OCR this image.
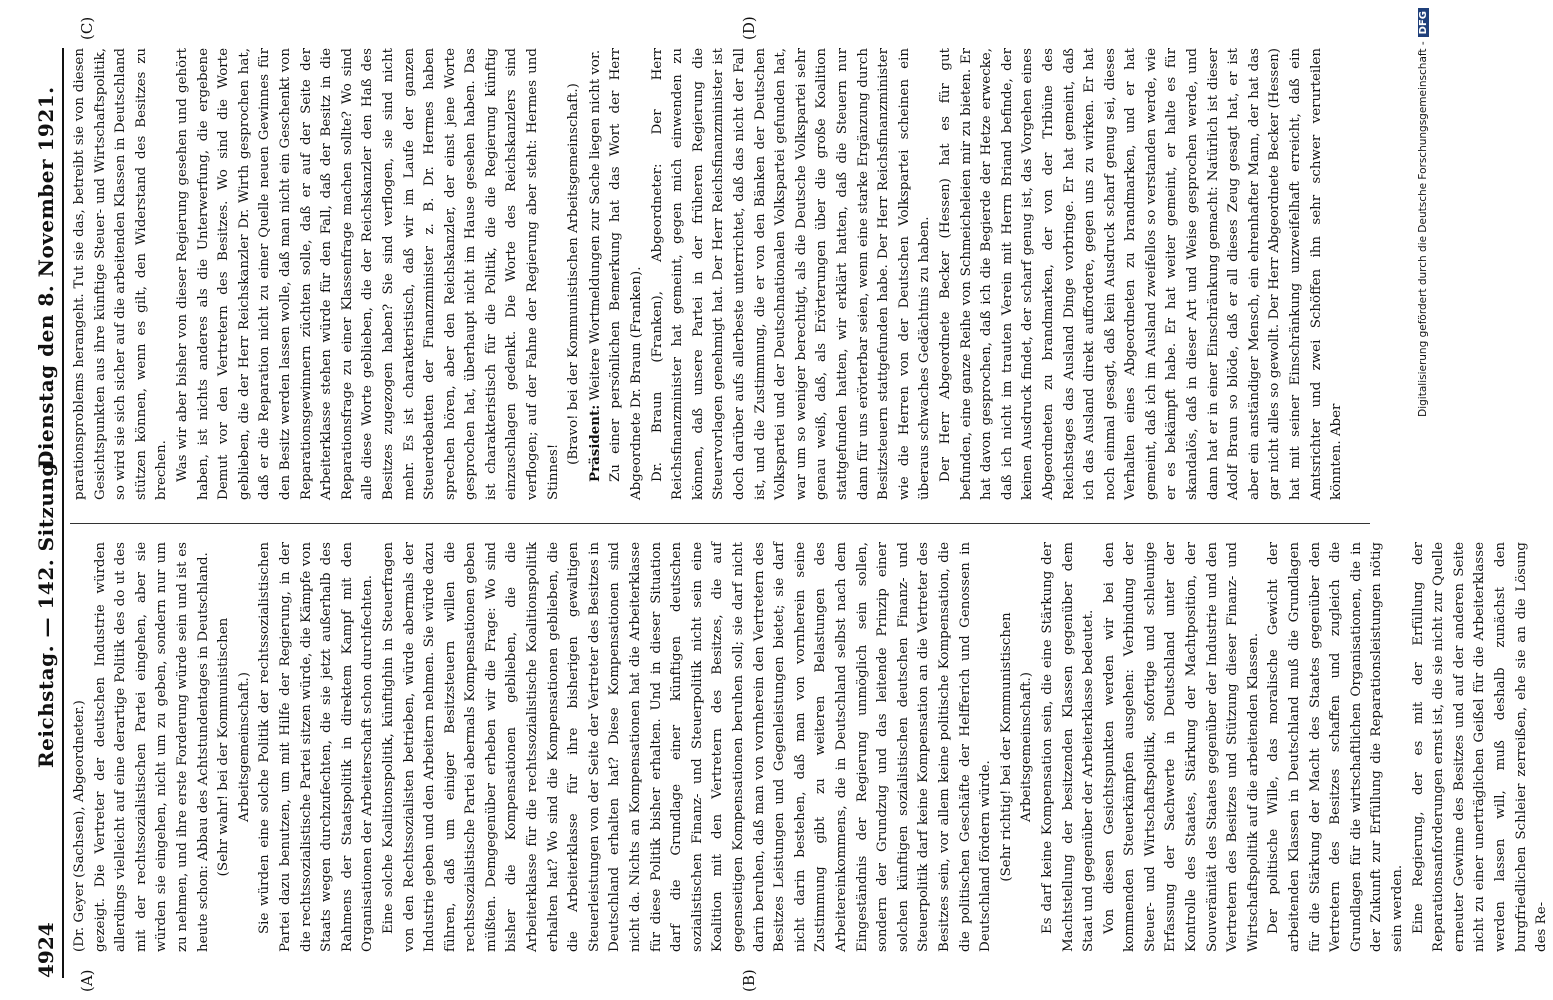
4924
Reichstag. — 142. Sitzung.
Dienstag den 8. November 1921.
(A)	(B)
(C)	(D)

(Dr. Geyer (Sachsen), Abgeordneter.) gezeigt. Die Vertreter der deutschen Industrie würden allerdings vielleicht auf eine derartige Politik des do ut des mit der rechtssozialistischen Partei eingehen, aber sie würden sie eingehen, nicht um zu geben, sondern nur um zu nehmen, und ihre erste Forderung würde sein und ist es heute schon: Abbau des Achtstundentages in Deutschland. (Sehr wahr! bei der Kommunistischen Arbeitsgemeinschaft.) Sie würden eine solche Politik der rechtssozialistischen Partei dazu benutzen, um mit Hilfe der Regierung, in der die rechtssozialistische Partei sitzen würde, die Kämpfe von Staats wegen durchzufechten, die sie jetzt außerhalb des Rahmens der Staatspolitik in direktem Kampf mit den Organisationen der Arbeiterschaft schon durchfechten. Eine solche Koalitionspolitik, künftighin in Steuerfragen von den Rechtssozialisten betrieben, würde abermals der Industrie geben und den Arbeitern nehmen. Sie würde dazu führen, daß um einiger Besitzsteuern willen die rechtssozialistische Partei abermals Kompensationen geben müßten. Demgegenüber erheben wir die Frage: Wo sind bisher die Kompensationen geblieben, die die Arbeiterklasse für die rechtssozialistische Koalitionspolitik erhalten hat? Wo sind die Kompensationen geblieben, die die Arbeiterklasse für ihre bisherigen gewaltigen Steuerleistungen von der Seite der Vertreter des Besitzes in Deutschland erhalten hat? Diese Kompensationen sind nicht da. Nichts an Kompensationen hat die Arbeiterklasse für diese Politik bisher erhalten. Und in dieser Situation darf die Grundlage einer künftigen deutschen sozialistischen Finanz- und Steuerpolitik nicht sein eine Koalition mit den Vertretern des Besitzes, die auf gegenseitigen Kompensationen beruhen soll; sie darf nicht darin beruhen, daß man von vornherein den Vertretern des Besitzes Leistungen und Gegenleistungen bietet; sie darf nicht darin bestehen, daß man von vornherein seine Zustimmung gibt zu weiteren Belastungen des Arbeitereinkommens, die in Deutschland selbst nach dem Eingeständnis der Regierung unmöglich sein sollen, sondern der Grundzug und das leitende Prinzip einer solchen künftigen sozialistischen deutschen Finanz- und Steuerpolitik darf keine Kompensation an die Vertreter des Besitzes sein, vor allem keine politische Kompensation, die die politischen Geschäfte der Helfferich und Genossen in Deutschland fördern würde. (Sehr richtig! bei der Kommunistischen Arbeitsgemeinschaft.) Es darf keine Kompensation sein, die eine Stärkung der Machtstellung der besitzenden Klassen gegenüber dem Staat und gegenüber der Arbeiterklasse bedeutet. Von diesen Gesichtspunkten werden wir bei den kommenden Steuerkämpfen ausgehen: Verbindung der Steuer- und Wirtschaftspolitik, sofortige und schleunige Erfassung der Sachwerte in Deutschland unter der Kontrolle des Staates, Stärkung der Machtposition, der Souveränität des Staates gegenüber der Industrie und den Vertretern des Besitzes und Stützung dieser Finanz- und Wirtschaftspolitik auf die arbeitenden Klassen. Der politische Wille, das moralische Gewicht der arbeitenden Klassen in Deutschland muß die Grundlagen für die Stärkung der Macht des Staates gegenüber den Vertretern des Besitzes schaffen und zugleich die Grundlagen für die wirtschaftlichen Organisationen, die in der Zukunft zur Erfüllung die Reparationsleistungen nötig sein werden. Eine Regierung, der es mit der Erfüllung der Reparationsanforderungen ernst ist, die sie nicht zur Quelle erneuter Gewinne des Besitzes und auf der anderen Seite nicht zu einer unerträglichen Geißel für die Arbeiterklasse werden lassen will, muß deshalb zunächst den burgfriedlichen Schleier zerreißen, ehe sie an die Lösung des Re-

parationsproblems herangeht. Tut sie das, betreibt sie von diesen Gesichtspunkten aus ihre künftige Steuer- und Wirtschaftspolitik, so wird sie sich sicher auf die arbeitenden Klassen in Deutschland stützen können, wenn es gilt, den Widerstand des Besitzes zu brechen. Was wir aber bisher von dieser Regierung gesehen und gehört haben, ist nichts anderes als die Unterwerfung, die ergebene Demut vor den Vertretern des Besitzes. Wo sind die Worte geblieben, die der Herr Reichskanzler Dr. Wirth gesprochen hat, daß er die Reparation nicht zu einer Quelle neuen Gewinnes für den Besitz werden lassen wolle, daß man nicht ein Geschenkt von Reparationsgewinnern züchten solle, daß er auf der Seite der Arbeiterklasse stehen würde für den Fall, daß der Besitz in die Reparationsfrage zu einer Klassenfrage machen sollte? Wo sind alle diese Worte geblieben, die der Reichskanzler den Haß des Besitzes zugezogen haben? Sie sind verflogen, sie sind nicht mehr. Es ist charakteristisch, daß wir im Laufe der ganzen Steuerdebatten der Finanzminister z. B. Dr. Hermes haben sprechen hören, aber den Reichskanzler, der einst jene Worte gesprochen hat, überhaupt nicht im Hause gesehen haben. Das ist charakteristisch für die Politik, die die Regierung künftig einzuschlagen gedenkt. Die Worte des Reichskanzlers sind verflogen; auf der Fahne der Regierung aber steht: Hermes und Stinnes!

(Bravo! bei der Kommunistischen Arbeitsgemeinschaft.) Präsident: Weitere Wortmeldungen zur Sache liegen nicht vor. Zu einer persönlichen Bemerkung hat das Wort der Herr Abgeordnete Dr. Braun (Franken). Dr. Braun (Franken), Abgeordneter: Der Herr Reichsfinanzminister hat gemeint, gegen mich einwenden zu können, daß unsere Partei in der früheren Regierung die Steuervorlagen genehmigt hat. Der Herr Reichsfinanzminister ist doch darüber aufs allerbeste unterrichtet, daß das nicht der Fall ist, und die Zustimmung, die er von den Bänken der Deutschen Volkspartei und der Deutschnationalen Volkspartei gefunden hat, war um so weniger berechtigt, als die Deutsche Volkspartei sehr genau weiß, daß, als Erörterungen über die große Koalition stattgefunden hatten, wir erklärt hatten, daß die Steuern nur dann für uns erörterbar seien, wenn eine starke Ergänzung durch Besitzsteuern stattgefunden habe. Der Herr Reichsfinanzminister wie die Herren von der Deutschen Volkspartei scheinen ein überaus schwaches Gedächtnis zu haben. Der Herr Abgeordnete Becker (Hessen) hat es für gut befunden, eine ganze Reihe von Schmeicheleien mir zu bieten. Er hat davon gesprochen, daß ich die Begierde der Hetze erwecke, daß ich nicht im trauten Verein mit Herrn Briand befinde, der keinen Ausdruck findet, der scharf genug ist, das Vorgehen eines Abgeordneten zu brandmarken, der von der Tribüne des Reichstages das Ausland Dinge vorbringe. Er hat gemeint, daß ich das Ausland direkt auffordere, gegen uns zu wirken. Er hat noch einmal gesagt, daß kein Ausdruck scharf genug sei, dieses Verhalten eines Abgeordneten zu brandmarken, und er hat gemeint, daß ich im Ausland zweifellos so verstanden werde, wie er es bekämpft habe. Er hat weiter gemeint, er halte es für skandalös, daß in dieser Art und Weise gesprochen werde, und dann hat er in einer Einschränkung gemacht: Natürlich ist dieser Adolf Braun so blöde, daß er all dieses Zeug gesagt hat, er ist aber ein anständiger Mensch, ein ehrenhafter Mann, der hat das gar nicht alles so gewollt. Der Herr Abgeordnete Becker (Hessen) hat mit seiner Einschränkung unzweifelhaft erreicht, daß ein Amtsrichter und zwei Schöffen ihn sehr schwer verurteilen könnten. Aber

Digitalisierung gefördert durch die Deutsche Forschungsgemeinschaft -DFG
